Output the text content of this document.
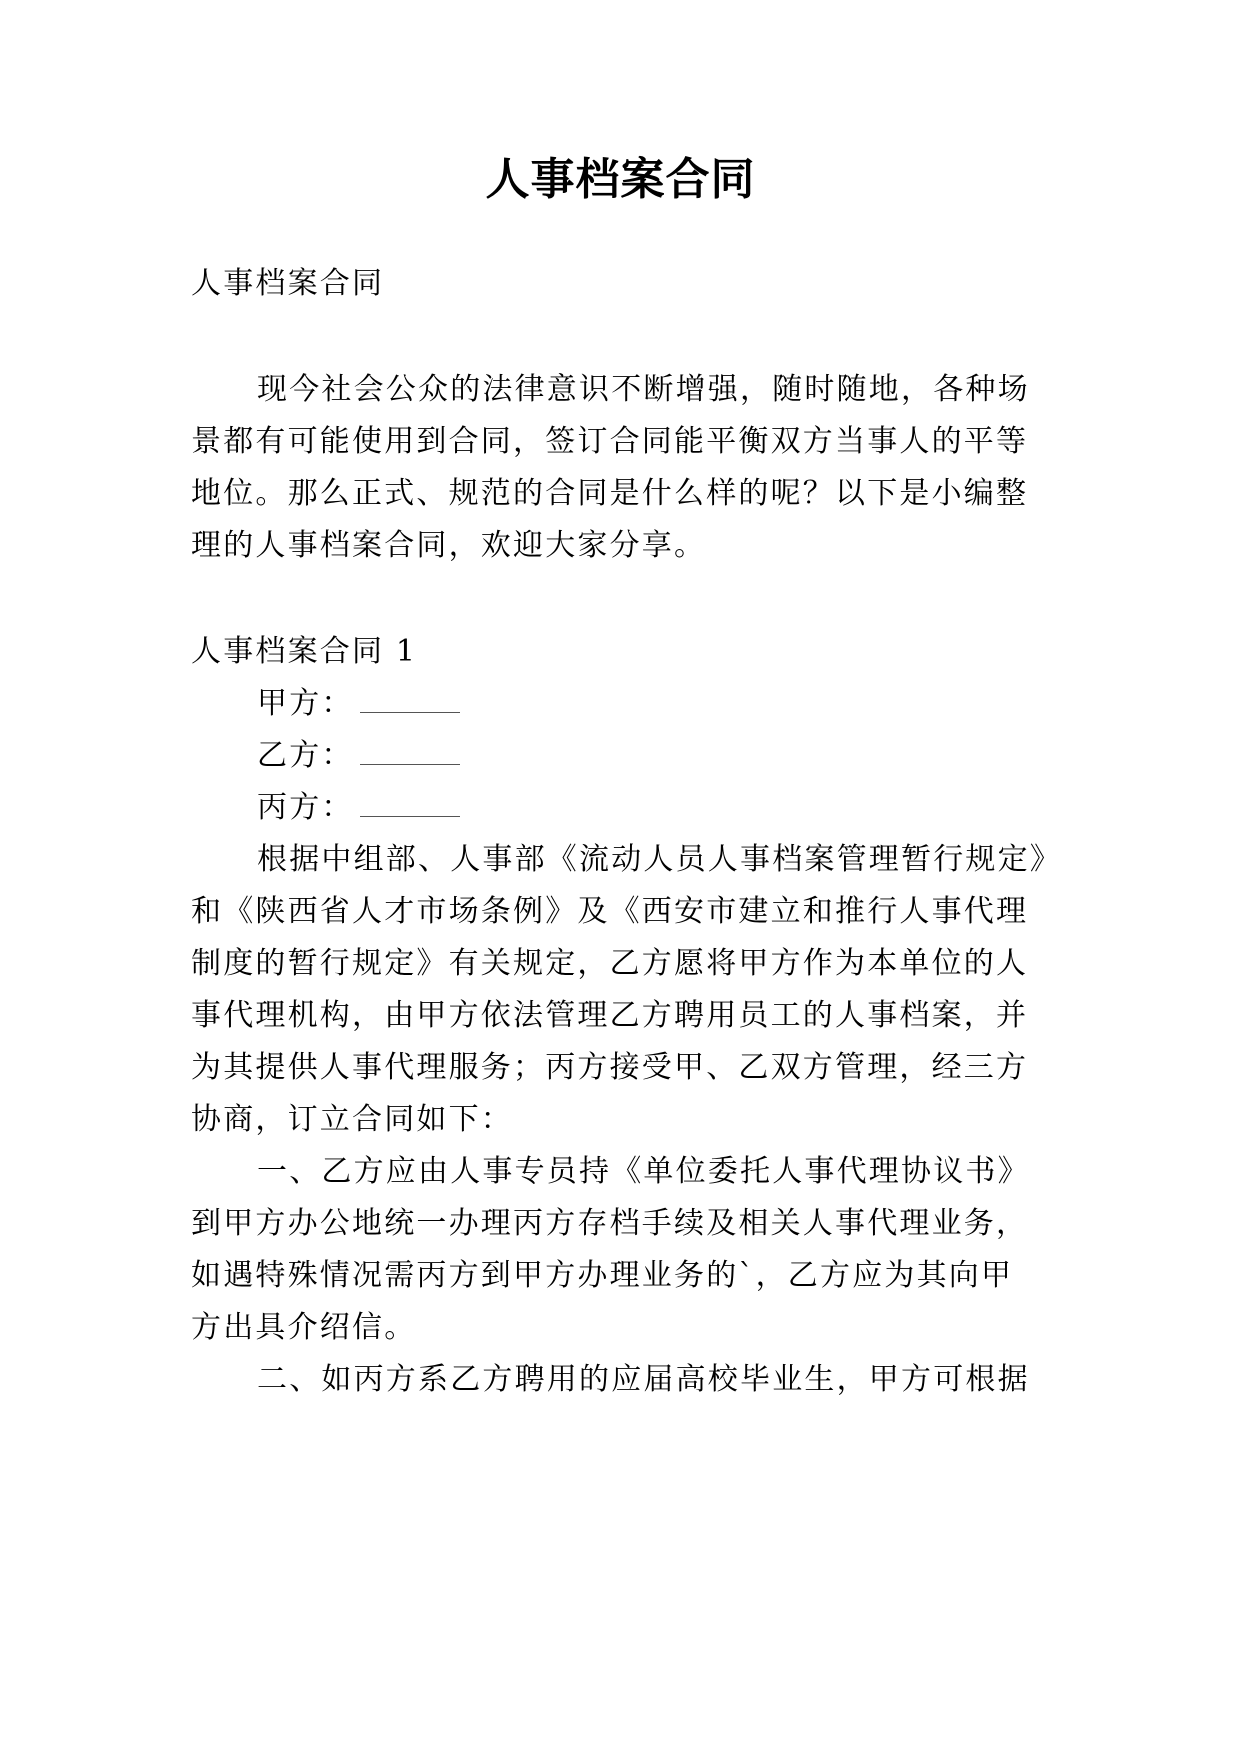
人事档案合同
人事档案合同
现今社会公众的法律意识不断增强，随时随地，各种场
景都有可能使用到合同，签订合同能平衡双方当事人的平等
地位。那么正式、规范的合同是什么样的呢？以下是小编整
理的人事档案合同，欢迎大家分享。
人事档案合同 1
甲方：
乙方：
丙方：
根据中组部、人事部《流动人员人事档案管理暂行规定》
和《陕西省人才市场条例》及《西安市建立和推行人事代理
制度的暂行规定》有关规定，乙方愿将甲方作为本单位的人
事代理机构，由甲方依法管理乙方聘用员工的人事档案，并
为其提供人事代理服务；丙方接受甲、乙双方管理，经三方
协商，订立合同如下：
一、乙方应由人事专员持《单位委托人事代理协议书》
到甲方办公地统一办理丙方存档手续及相关人事代理业务，
如遇特殊情况需丙方到甲方办理业务的`，乙方应为其向甲
方出具介绍信。
二、如丙方系乙方聘用的应届高校毕业生，甲方可根据
